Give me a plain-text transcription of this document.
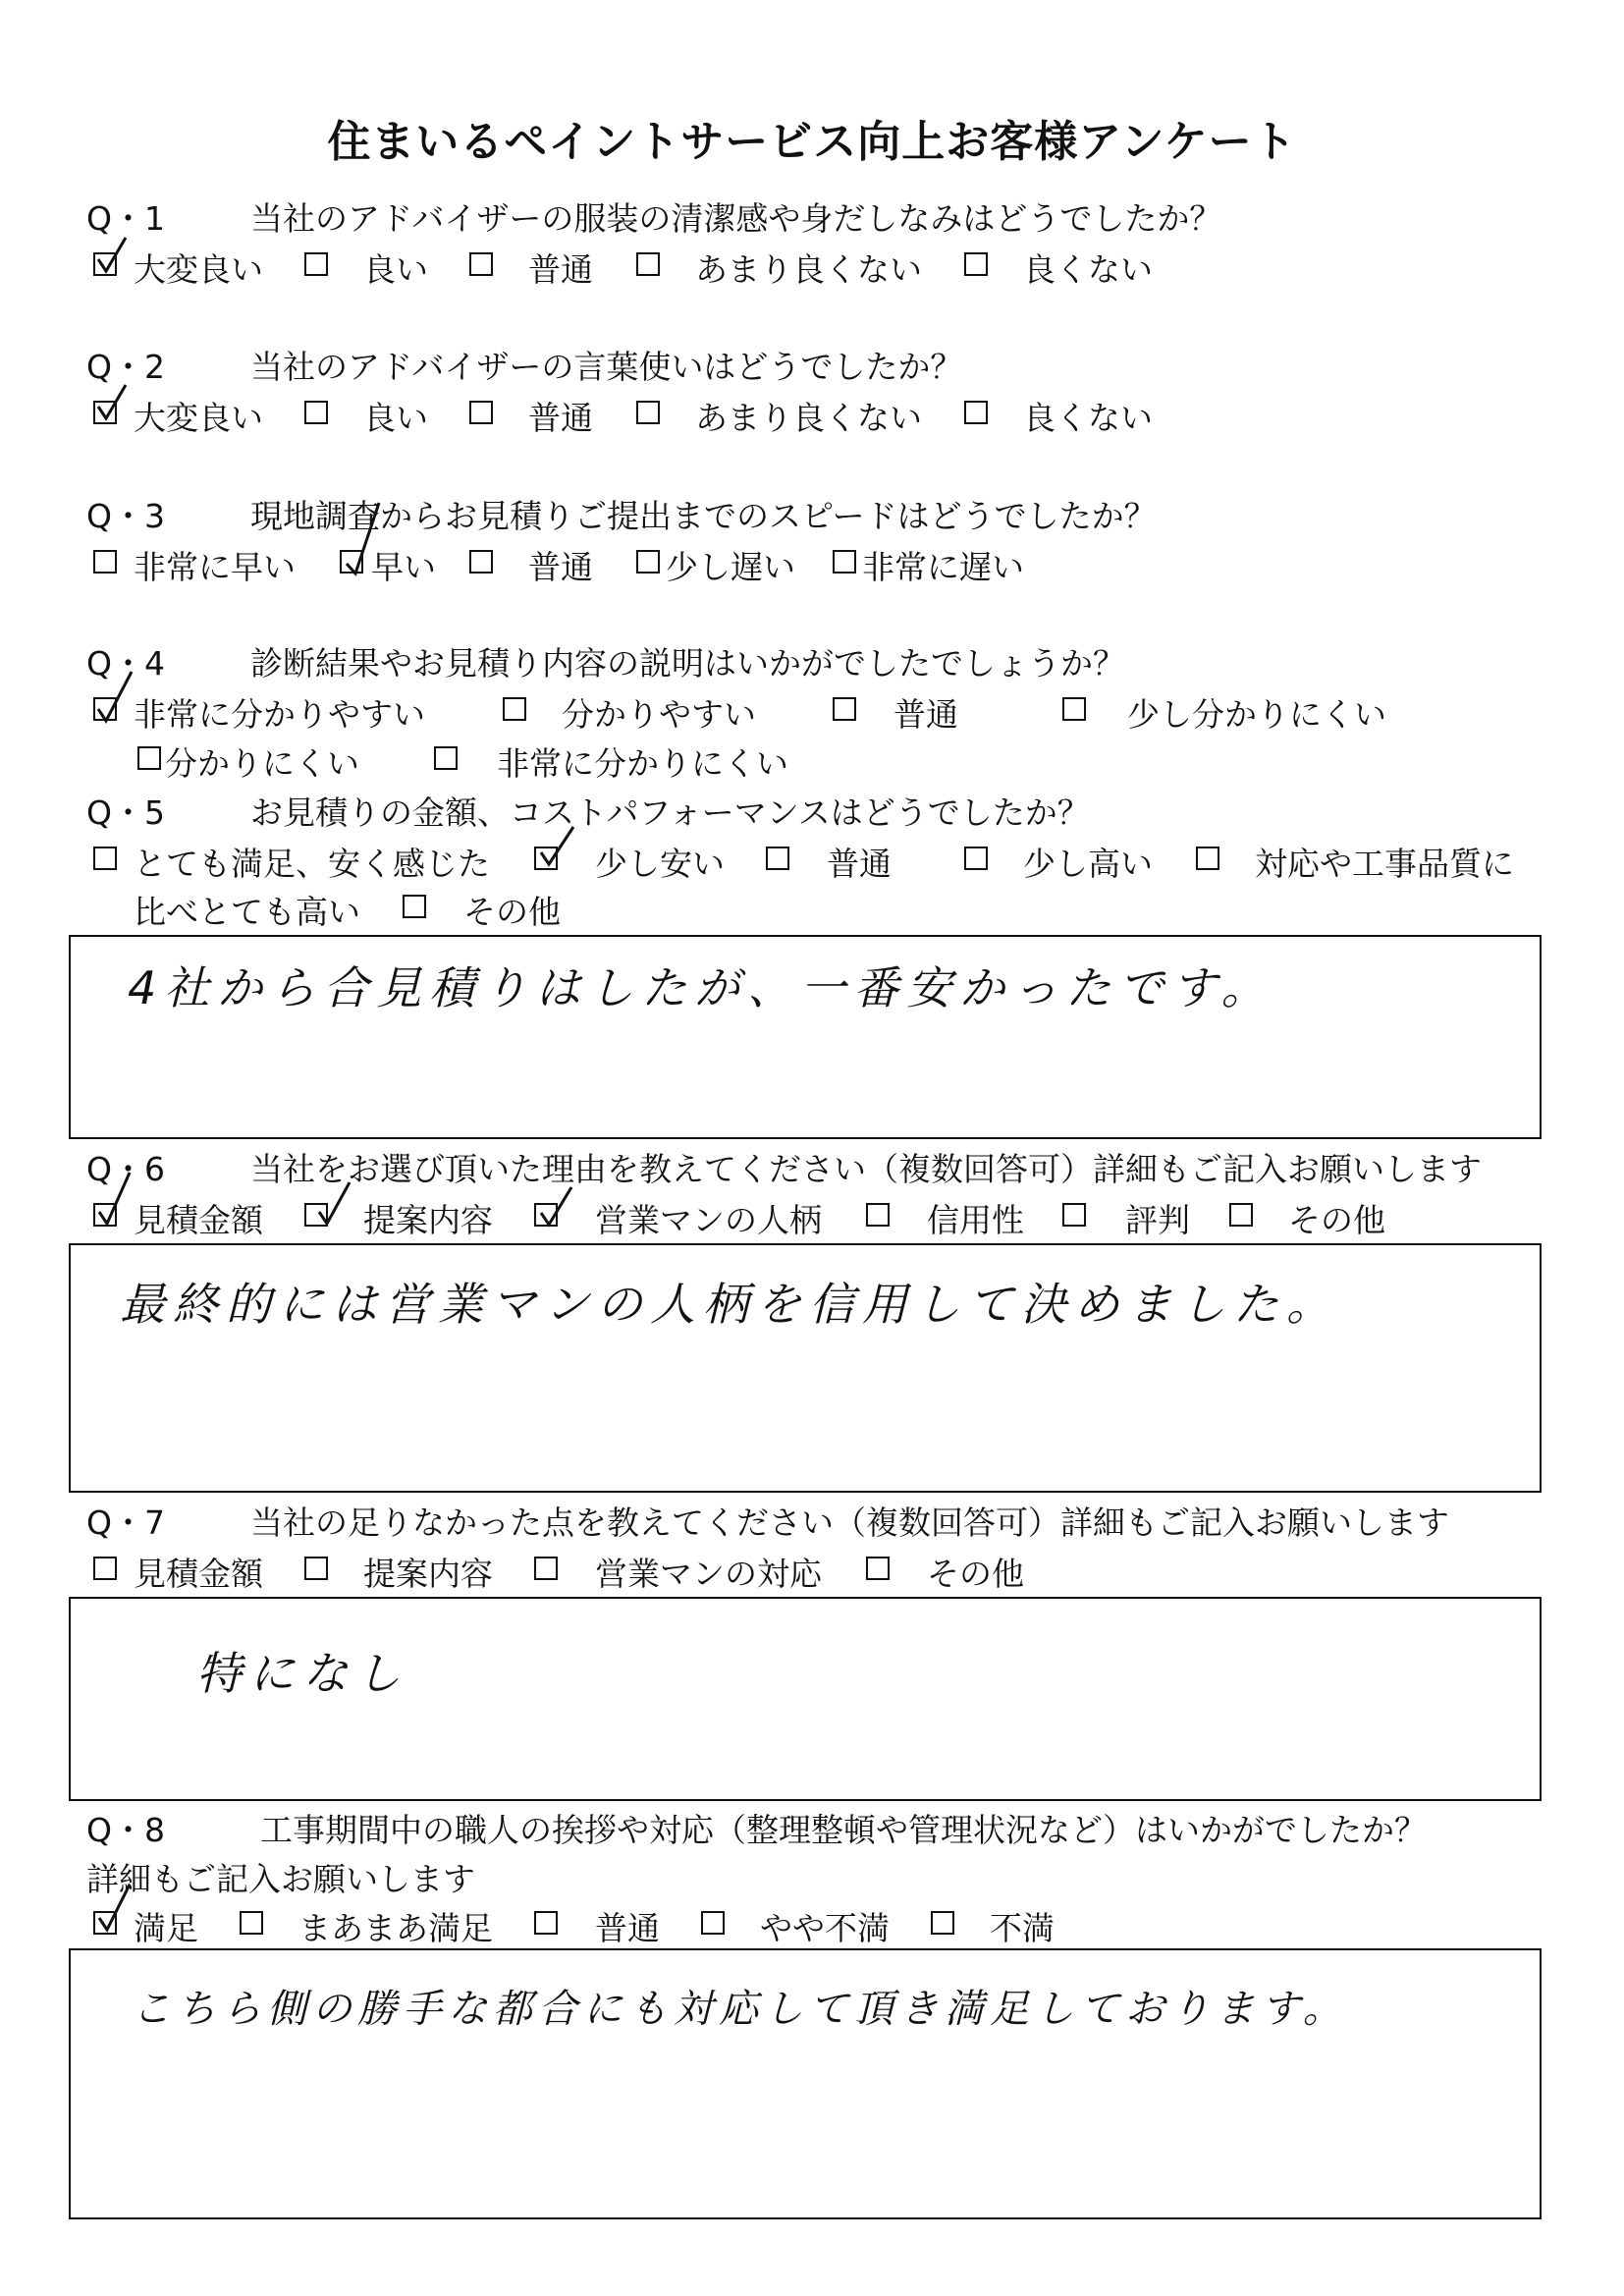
住まいるペイントサービス向上お客様アンケート
Q・1	当社のアドバイザーの服装の清潔感や身だしなみはどうでしたか？
大変良い	良い	普通	あまり良くない	良くない
Q・2	当社のアドバイザーの言葉使いはどうでしたか？
大変良い	良い	普通	あまり良くない	良くない
Q・3	現地調査からお見積りご提出までのスピードはどうでしたか？
非常に早い 早い	普通 少し遅い 非常に遅い
Q・4	診断結果やお見積り内容の説明はいかがでしたでしょうか？
非常に分かりやすい	分かりやすい	普通	少し分かりにくい
分かりにくい	非常に分かりにくい
Q・5	お見積りの金額、コストパフォーマンスはどうでしたか？
とても満足、安く感じた	少し安い	普通	少し高い	対応や工事品質に
比べとても高い	その他
4社から合見積りはしたが、一番安かったです。
Q・6	当社をお選び頂いた理由を教えてください（複数回答可）詳細もご記入お願いします
見積金額	提案内容	営業マンの人柄	信用性	評判	その他
最終的には営業マンの人柄を信用して決めました。
Q・7	当社の足りなかった点を教えてください（複数回答可）詳細もご記入お願いします
見積金額	提案内容	営業マンの対応	その他
特になし
Q・8	工事期間中の職人の挨拶や対応（整理整頓や管理状況など）はいかがでしたか？
詳細もご記入お願いします
満足	まあまあ満足	普通	やや不満	不満
こちら側の勝手な都合にも対応して頂き満足しております。
